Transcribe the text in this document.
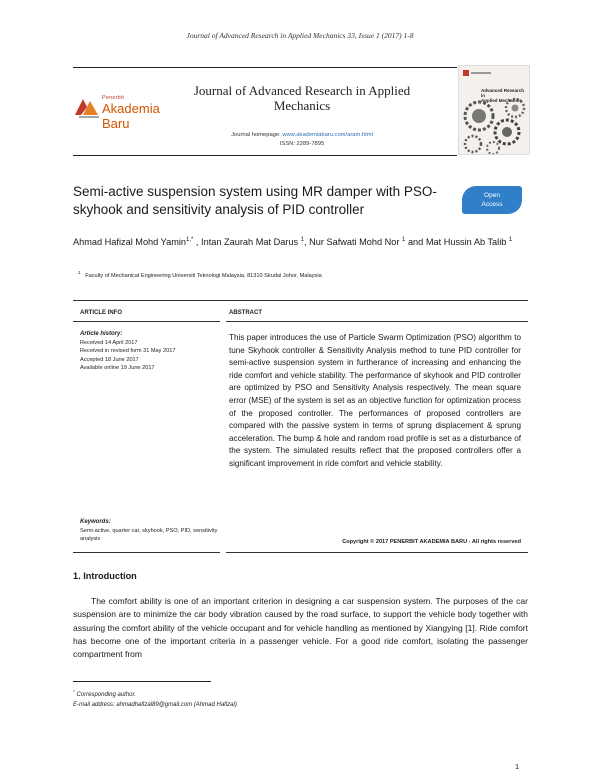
Journal of Advanced Research in Applied Mechanics 33, Issue 1 (2017) 1-8
Penerbit
Akademia Baru
Journal of Advanced Research in Applied Mechanics
Journal homepage: www.akademiabaru.com/aram.html
ISSN: 2289-7895
Advanced Research in
Applied Mechanics
Semi-active suspension system using MR damper with PSO-skyhook and sensitivity analysis of PID controller
Open
Access
Ahmad Hafizal Mohd Yamin$^{1,*}$ , Intan Zaurah Mat Darus $^1$, Nur Safwati Mohd Nor $^1$ and Mat Hussin Ab Talib $^1$
$^1$   Faculty of Mechanical Engineering Universiti Teknologi Malaysia, 81310 Skudai Johor, Malaysia
ARTICLE INFO	ABSTRACT
Article history:
Received 14 April 2017
Received in revised form 31 May 2017
Accepted 18 June 2017
Available online 19 June 2017
This paper introduces the use of Particle Swarm Optimization (PSO) algorithm to tune Skyhook controller & Sensitivity Analysis method to tune PID controller for semi-active suspension system in furtherance of increasing and enhancing the ride comfort and vehicle stability. The performance of skyhook and PID controller are optimized by PSO and Sensitivity Analysis respectively. The mean square error (MSE) of the system is set as an objective function for optimization process of the proposed controller. The performances of proposed controllers are compared with the passive system in terms of sprung displacement & sprung acceleration. The bump & hole and random road profile is set as a disturbance of the system. The simulated results reflect that the proposed controllers offer a significant improvement in ride comfort and vehicle stability.
Keywords:
Semi-active, quarter car, skyhook, PSO, PID, sensitivity analysis	Copyright © 2017 PENERBIT AKADEMIA BARU - All rights reserved
1. Introduction
The comfort ability is one of an important criterion in designing a car suspension system. The purposes of the car suspension are to minimize the car body vibration caused by the road surface, to support the vehicle body together with assuring the comfort ability of the vehicle occupant and for vehicle handling as mentioned by Xiangying [1]. Ride comfort has become one of the important criteria in a passenger vehicle. For a good ride comfort, isolating the passenger compartment from
* Corresponding author.
E-mail address: ahmadhafizal89@gmail.com (Ahmad Hafizal)
1
